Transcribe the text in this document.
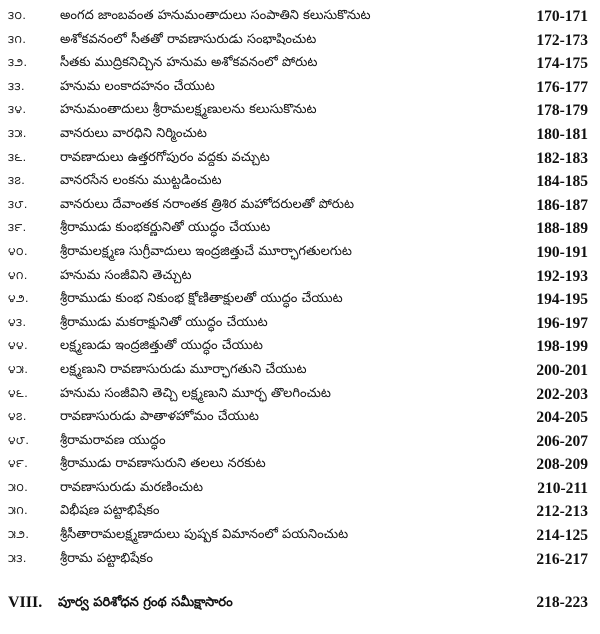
౩౦.	అంగద జాంబవంత హనుమంతాదులు సంపాతిని కలుసుకొనుట	170-171
౩౧.	అశోకవనంలో సీతతో రావణాసురుడు సంభాషించుట	172-173
౩౨.	సీతకు ముద్రికనిచ్చిన హనుమ అశోకవనంలో పోరుట	174-175
౩౩.	హనుమ లంకాదహనం చేయుట	176-177
౩౪.	హనుమంతాదులు శ్రీరామలక్ష్మణులను కలుసుకొనుట	178-179
౩౫.	వానరులు వారధిని నిర్మించుట	180-181
౩౬.	రావణాదులు ఉత్తరగోపురం వద్దకు వచ్చుట	182-183
౩౭.	వానరసేన లంకను ముట్టడించుట	184-185
౩౮.	వానరులు దేవాంతక నరాంతక త్రిశిర మహోదరులతో పోరుట	186-187
౩౯.	శ్రీరాముడు కుంభకర్ణునితో యుద్ధం చేయుట	188-189
౪౦.	శ్రీరామలక్ష్మణ సుగ్రీవాదులు ఇంద్రజిత్తుచే మూర్ఛాగతులగుట	190-191
౪౧.	హనుమ సంజీవిని తెచ్చుట	192-193
౪౨.	శ్రీరాముడు కుంభ నికుంభ క్షోణితాక్షులతో యుద్ధం చేయుట	194-195
౪౩.	శ్రీరాముడు మకరాక్షునితో యుద్ధం చేయుట	196-197
౪౪.	లక్ష్మణుడు ఇంద్రజిత్తుతో యుద్ధం చేయుట	198-199
౪౫.	లక్ష్మణుని రావణాసురుడు మూర్ఛాగతుని చేయుట	200-201
౪౬.	హనుమ సంజీవిని తెచ్చి లక్ష్మణుని మూర్ఛ తొలగించుట	202-203
౪౭.	రావణాసురుడు పాతాళహోమం చేయుట	204-205
౪౮.	శ్రీరామరావణ యుద్ధం	206-207
౪౯.	శ్రీరాముడు రావణాసురుని తలలు నరకుట	208-209
౫౦.	రావణాసురుడు మరణించుట	210-211
౫౧.	విభీషణ పట్టాభిషేకం	212-213
౫౨.	శ్రీసీతారామలక్ష్మణాదులు పుష్పక విమానంలో పయనించుట	214-125
౫౩.	శ్రీరామ పట్టాభిషేకం	216-217
VIII. పూర్వ పరిశోధన గ్రంథ సమీక్షాసారం	218-223
